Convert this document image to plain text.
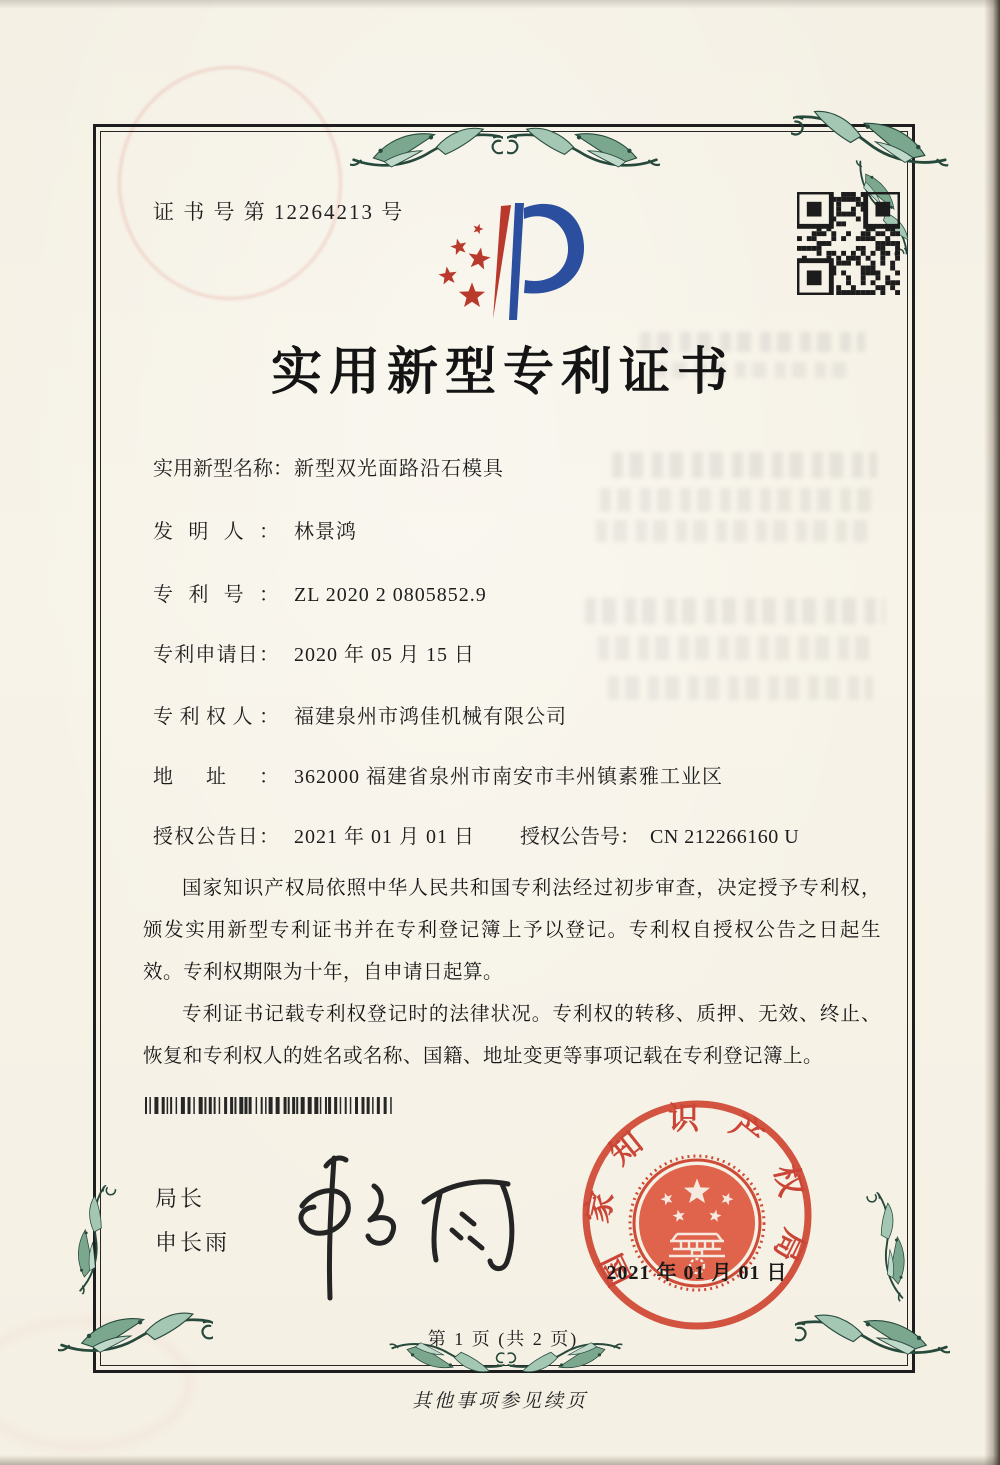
证 书 号 第 12264213 号
实用新型专利证书
实用新型名称：新型双光面路沿石模具
发明人： 林景鸿
专利号： ZL 2020 2 0805852.9
专利申请日： 2020 年 05 月 15 日
专利权人： 福建泉州市鸿佳机械有限公司
地址： 362000 福建省泉州市南安市丰州镇素雅工业区
授权公告日： 2021 年 01 月 01 日 授权公告号： CN 212266160 U

国家知识产权局依照中华人民共和国专利法经过初步审查，决定授予专利权，颁发实用新型专利证书并在专利登记簿上予以登记。专利权自授权公告之日起生效。专利权期限为十年，自申请日起算。

专利证书记载专利权登记时的法律状况。专利权的转移、质押、无效、终止、恢复和专利权人的姓名或名称、国籍、地址变更等事项记载在专利登记簿上。

局长
申长雨	国家知识产权局
2021 年 01 月 01 日
第 1 页 (共 2 页)
其他事项参见续页
